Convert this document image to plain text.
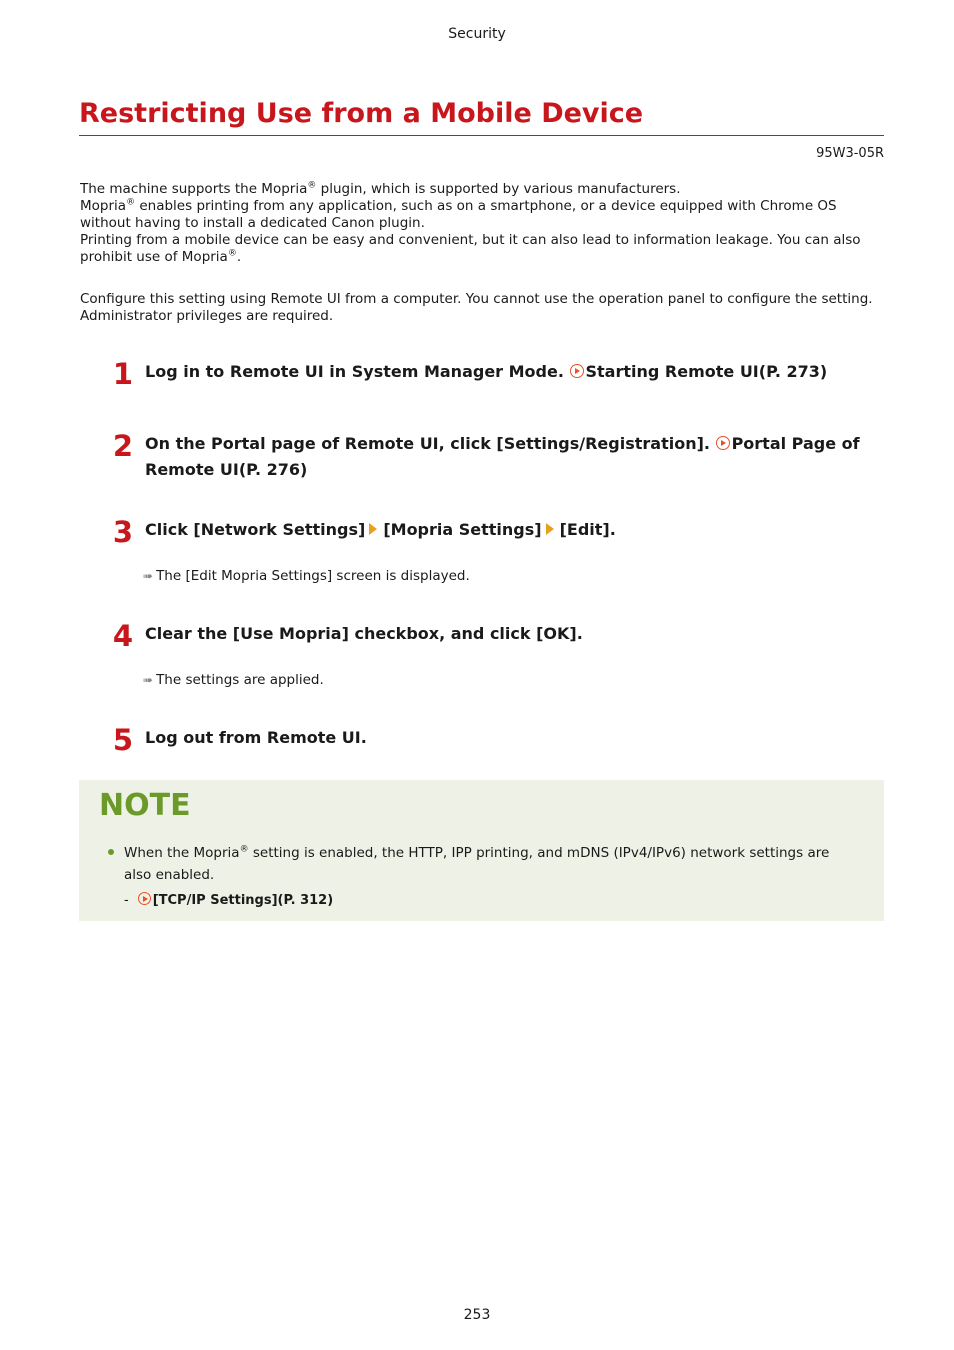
Security
Restricting Use from a Mobile Device
95W3-05R

The machine supports the Mopria® plugin, which is supported by various manufacturers.

Mopria® enables printing from any application, such as on a smartphone, or a device equipped with Chrome OS without having to install a dedicated Canon plugin.

Printing from a mobile device can be easy and convenient, but it can also lead to information leakage. You can also prohibit use of Mopria®.

Configure this setting using Remote UI from a computer. You cannot use the operation panel to configure the setting. Administrator privileges are required.

1 Log in to Remote UI in System Manager Mode. Starting Remote UI(P. 273)
2 On the Portal page of Remote UI, click [Settings/Registration]. Portal Page of Remote UI(P. 276)
3 Click [Network Settings] [Mopria Settings] [Edit].
➠ The [Edit Mopria Settings] screen is displayed.
4 Clear the [Use Mopria] checkbox, and click [OK].
➠ The settings are applied.
5 Log out from Remote UI.
NOTE
When the Mopria® setting is enabled, the HTTP, IPP printing, and mDNS (IPv4/IPv6) network settings are also enabled.
- [TCP/IP Settings](P. 312)
253
